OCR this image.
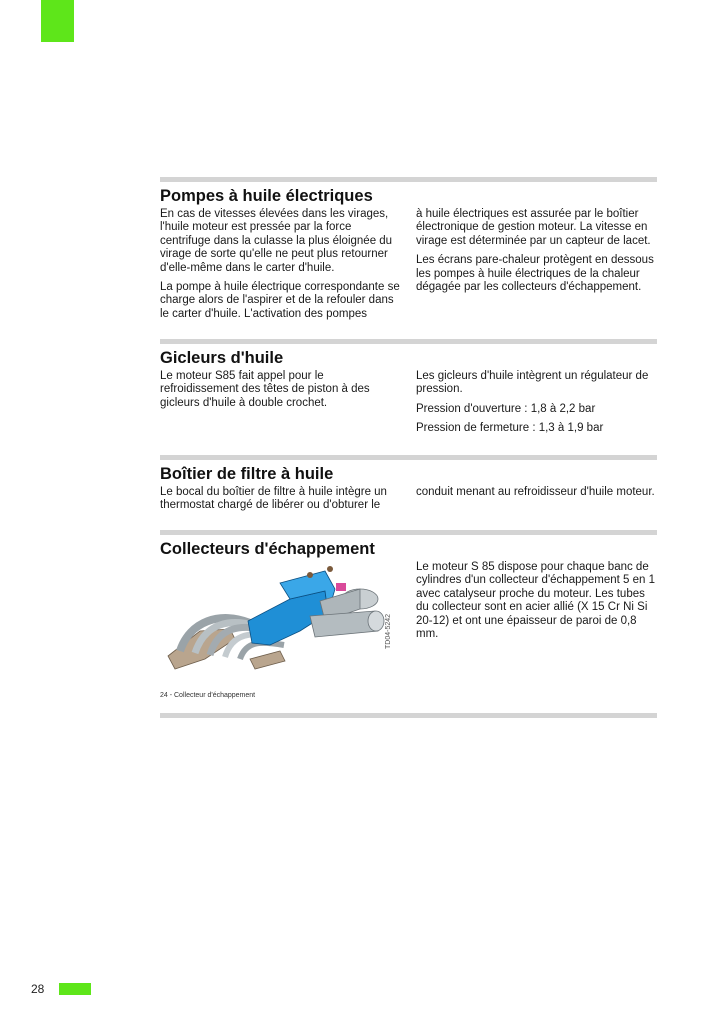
Pompes à huile électriques

En cas de vitesses élevées dans les virages, l'huile moteur est pressée par la force centrifuge dans la culasse la plus éloignée du virage de sorte qu'elle ne peut plus retourner d'elle-même dans le carter d'huile.

La pompe à huile électrique correspondante se charge alors de l'aspirer et de la refouler dans le carter d'huile. L'activation des pompes

à huile électriques est assurée par le boîtier électronique de gestion moteur. La vitesse en virage est déterminée par un capteur de lacet.

Les écrans pare-chaleur protègent en dessous les pompes à huile électriques de la chaleur dégagée par les collecteurs d'échappement.

Gicleurs d'huile

Le moteur S85 fait appel pour le refroidissement des têtes de piston à des gicleurs d'huile à double crochet.

Les gicleurs d'huile intègrent un régulateur de pression.

Pression d'ouverture : 1,8 à 2,2 bar

Pression de fermeture : 1,3 à 1,9 bar

Boîtier de filtre à huile

Le bocal du boîtier de filtre à huile intègre un thermostat chargé de libérer ou d'obturer le

conduit menant au refroidisseur d'huile moteur.

Collecteurs d'échappement
TD04-5242
24 - Collecteur d'échappement

Le moteur S 85 dispose pour chaque banc de cylindres d'un collecteur d'échappement 5 en 1 avec catalyseur proche du moteur. Les tubes du collecteur sont en acier allié (X 15 Cr Ni Si 20-12) et ont une épaisseur de paroi de 0,8 mm.

28
